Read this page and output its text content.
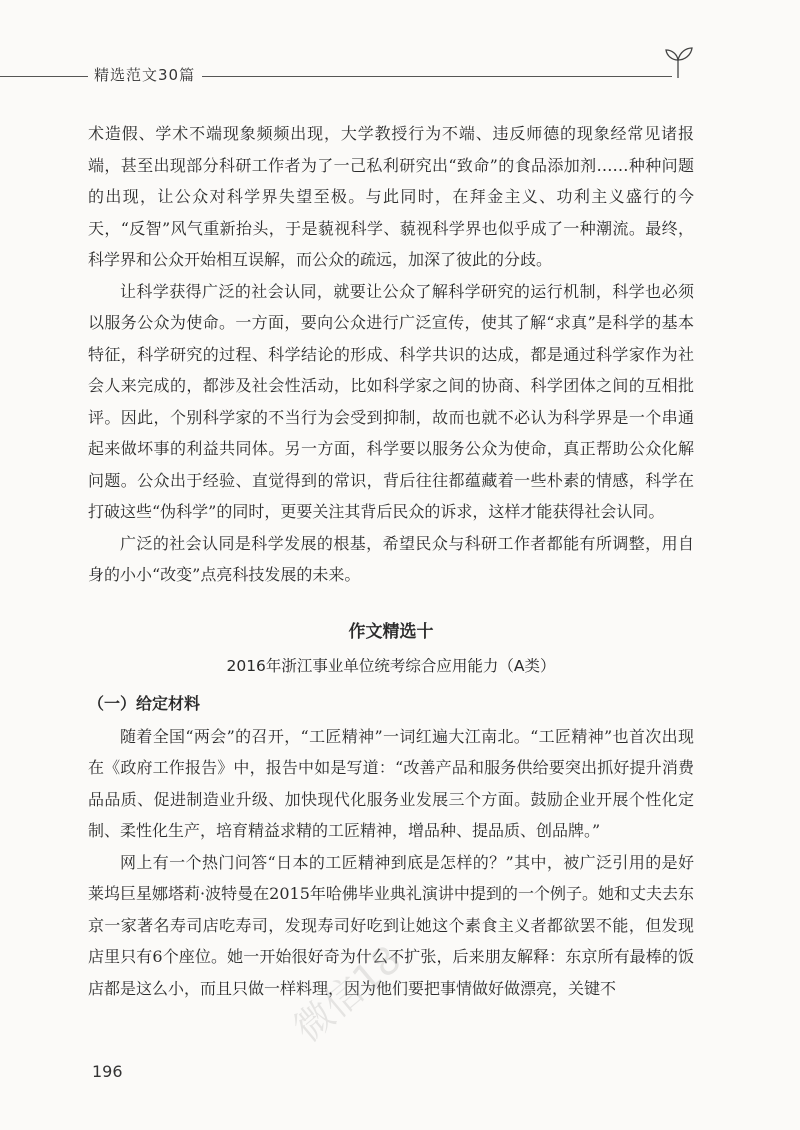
精选范文30篇

术造假、学术不端现象频频出现，大学教授行为不端、违反师德的现象经常见诸报端，甚至出现部分科研工作者为了一己私利研究出“致命”的食品添加剂……种种问题的出现，让公众对科学界失望至极。与此同时，在拜金主义、功利主义盛行的今天，“反智”风气重新抬头，于是藐视科学、藐视科学界也似乎成了一种潮流。最终，科学界和公众开始相互误解，而公众的疏远，加深了彼此的分歧。

让科学获得广泛的社会认同，就要让公众了解科学研究的运行机制，科学也必须以服务公众为使命。一方面，要向公众进行广泛宣传，使其了解“求真”是科学的基本特征，科学研究的过程、科学结论的形成、科学共识的达成，都是通过科学家作为社会人来完成的，都涉及社会性活动，比如科学家之间的协商、科学团体之间的互相批评。因此，个别科学家的不当行为会受到抑制，故而也就不必认为科学界是一个串通起来做坏事的利益共同体。另一方面，科学要以服务公众为使命，真正帮助公众化解问题。公众出于经验、直觉得到的常识，背后往往都蕴藏着一些朴素的情感，科学在打破这些“伪科学”的同时，更要关注其背后民众的诉求，这样才能获得社会认同。

广泛的社会认同是科学发展的根基，希望民众与科研工作者都能有所调整，用自身的小小“改变”点亮科技发展的未来。

作文精选十

2016年浙江事业单位统考综合应用能力（A类）

（一）给定材料

随着全国“两会”的召开，“工匠精神”一词红遍大江南北。“工匠精神”也首次出现在《政府工作报告》中，报告中如是写道：“改善产品和服务供给要突出抓好提升消费品品质、促进制造业升级、加快现代化服务业发展三个方面。鼓励企业开展个性化定制、柔性化生产，培育精益求精的工匠精神，增品种、提品质、创品牌。”

网上有一个热门问答“日本的工匠精神到底是怎样的？”其中，被广泛引用的是好莱坞巨星娜塔莉·波特曼在2015年哈佛毕业典礼演讲中提到的一个例子。她和丈夫去东京一家著名寿司店吃寿司，发现寿司好吃到让她这个素食主义者都欲罢不能，但发现店里只有6个座位。她一开始很好奇为什么不扩张，后来朋友解释：东京所有最棒的饭店都是这么小，而且只做一样料理，因为他们要把事情做好做漂亮，关键不

196
微信18
